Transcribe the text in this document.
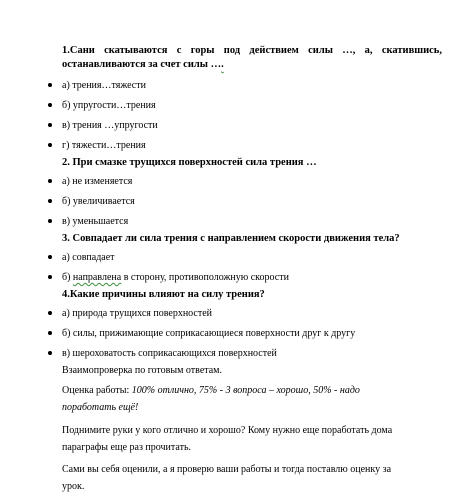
1.Сани скатываются с горы под действием силы …, а, скатившись,
останавливаются за счет силы ….
а) трения…тяжести
б) упругости…трения
в) трения …упругости
г) тяжести…трения
2. При смазке трущихся поверхностей сила трения …
а) не изменяется
б) увеличивается
в) уменьшается
3. Совпадает ли сила трения с направлением скорости движения тела?
а) совпадает
б) направлена в сторону, противоположную скорости
4.Какие причины влияют на силу трения?
а) природа трущихся поверхностей
б) силы, прижимающие соприкасающиеся поверхности друг к другу
в) шероховатость соприкасающихся поверхностей
Взаимопроверка по готовым ответам.
Оценка работы: 100% отлично, 75% - 3 вопроса – хорошо, 50% - надо
поработать ещё!
Поднимите руки у кого отлично и хорошо? Кому нужно еще поработать дома
параграфы еще раз прочитать.
Сами вы себя оценили, а я проверю ваши работы и тогда поставлю оценку за
урок.
